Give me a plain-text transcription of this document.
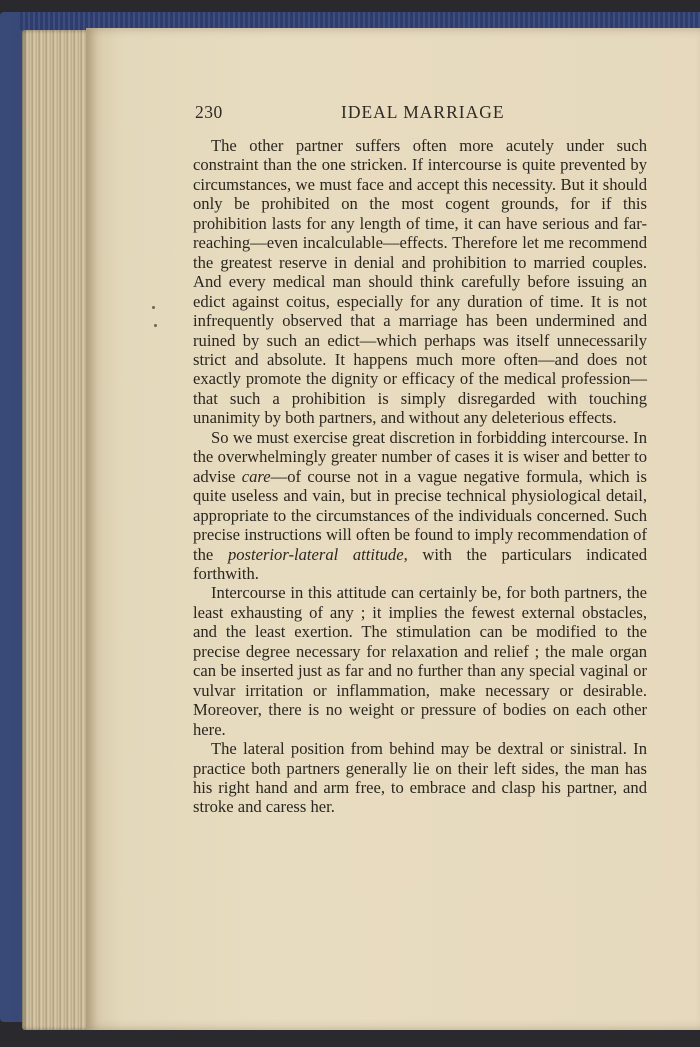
230	IDEAL MARRIAGE

The other partner suffers often more acutely under such constraint than the one stricken. If intercourse is quite prevented by circumstances, we must face and accept this necessity. But it should only be prohibited on the most cogent grounds, for if this prohibition lasts for any length of time, it can have serious and far-reaching—even incalculable—effects. Therefore let me recommend the greatest reserve in denial and prohibition to married couples. And every medical man should think carefully before issuing an edict against coitus, especially for any duration of time. It is not infrequently observed that a marriage has been undermined and ruined by such an edict—which perhaps was itself unnecessarily strict and absolute. It happens much more often—and does not exactly promote the dignity or efficacy of the medical profession—that such a prohibition is simply disregarded with touching unanimity by both partners, and without any deleterious effects.

So we must exercise great discretion in forbidding intercourse. In the overwhelmingly greater number of cases it is wiser and better to advise care—of course not in a vague negative formula, which is quite useless and vain, but in precise technical physiological detail, appropriate to the circumstances of the individuals concerned. Such precise instructions will often be found to imply recommendation of the posterior-lateral attitude, with the particulars indicated forthwith.

Intercourse in this attitude can certainly be, for both partners, the least exhausting of any ; it implies the fewest external obstacles, and the least exertion. The stimulation can be modified to the precise degree necessary for relaxation and relief ; the male organ can be inserted just as far and no further than any special vaginal or vulvar irritation or inflammation, make necessary or desirable. Moreover, there is no weight or pressure of bodies on each other here.

The lateral position from behind may be dextral or sinistral. In practice both partners generally lie on their left sides, the man has his right hand and arm free, to embrace and clasp his partner, and stroke and caress her.
